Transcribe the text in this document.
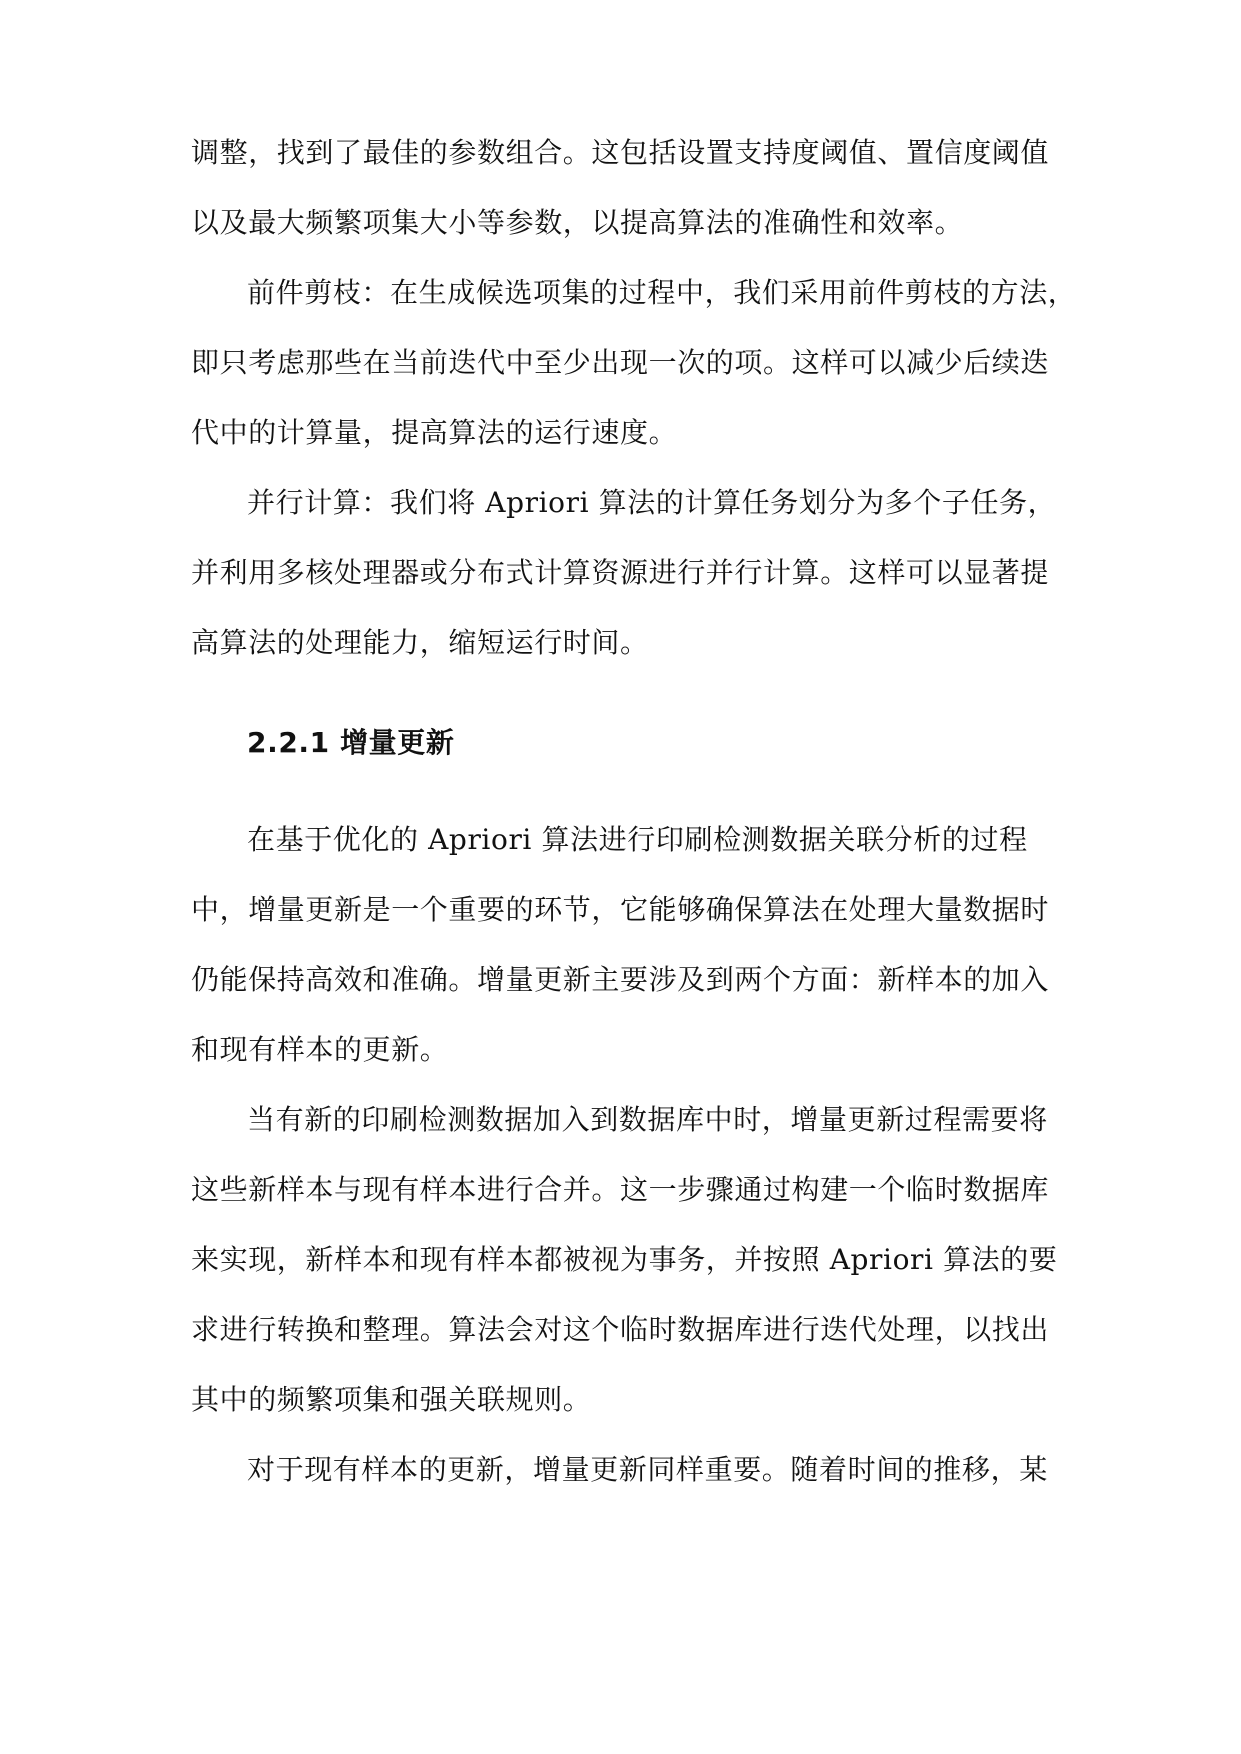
调整，找到了最佳的参数组合。这包括设置支持度阈值、置信度阈值
以及最大频繁项集大小等参数，以提高算法的准确性和效率。
前件剪枝：在生成候选项集的过程中，我们采用前件剪枝的方法，
即只考虑那些在当前迭代中至少出现一次的项。这样可以减少后续迭
代中的计算量，提高算法的运行速度。
并行计算：我们将 Apriori 算法的计算任务划分为多个子任务，
并利用多核处理器或分布式计算资源进行并行计算。这样可以显著提
高算法的处理能力，缩短运行时间。
2.2.1 增量更新
在基于优化的 Apriori 算法进行印刷检测数据关联分析的过程
中，增量更新是一个重要的环节，它能够确保算法在处理大量数据时
仍能保持高效和准确。增量更新主要涉及到两个方面：新样本的加入
和现有样本的更新。
当有新的印刷检测数据加入到数据库中时，增量更新过程需要将
这些新样本与现有样本进行合并。这一步骤通过构建一个临时数据库
来实现，新样本和现有样本都被视为事务，并按照 Apriori 算法的要
求进行转换和整理。算法会对这个临时数据库进行迭代处理，以找出
其中的频繁项集和强关联规则。
对于现有样本的更新，增量更新同样重要。随着时间的推移，某
